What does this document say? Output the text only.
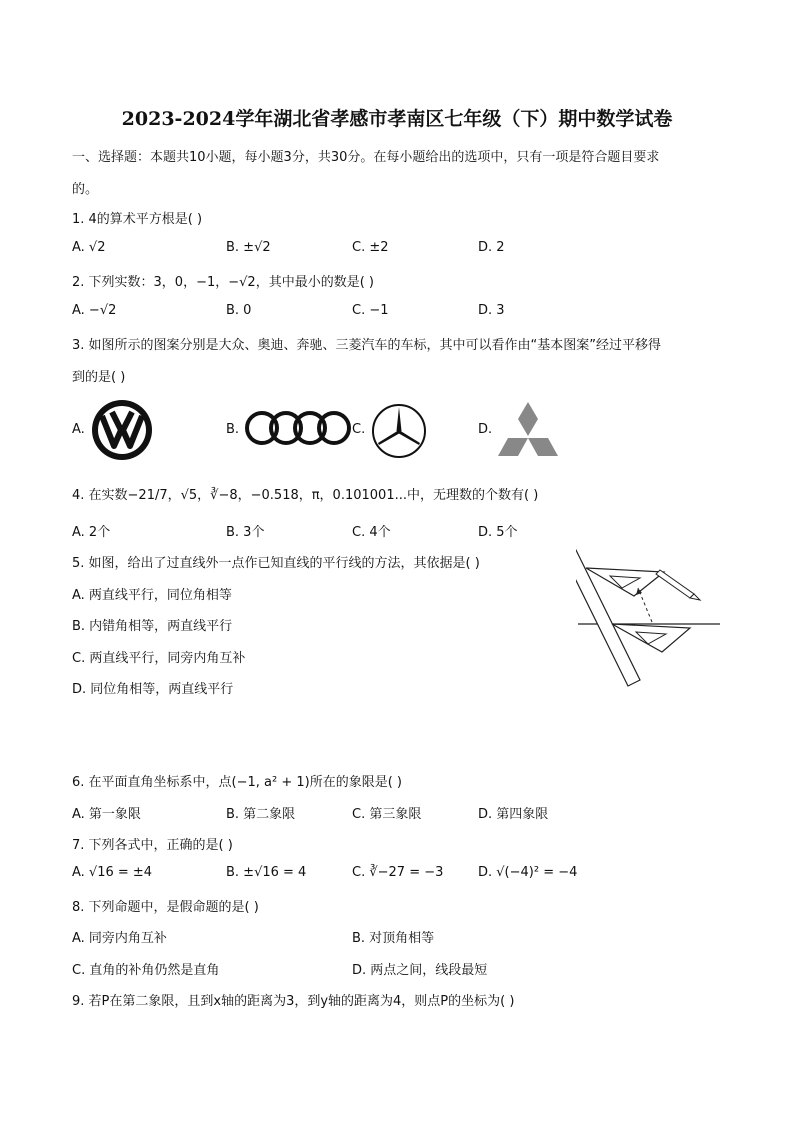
2023-2024学年湖北省孝感市孝南区七年级（下）期中数学试卷
一、选择题：本题共10小题，每小题3分，共30分。在每小题给出的选项中，只有一项是符合题目要求
的。
1. 4的算术平方根是( )
A. √2	B. ±√2	C. ±2	D. 2
2. 下列实数：3，0，−1，−√2，其中最小的数是( )
A. −√2	B. 0	C. −1	D. 3
3. 如图所示的图案分别是大众、奥迪、奔驰、三菱汽车的车标，其中可以看作由“基本图案”经过平移得
到的是( )
A.	B.	C.	D.
4. 在实数−21/7，√5，∛−8，−0.518，π，0.101001...中，无理数的个数有( )
A. 2个	B. 3个	C. 4个	D. 5个
5. 如图，给出了过直线外一点作已知直线的平行线的方法，其依据是( )
A. 两直线平行，同位角相等
B. 内错角相等，两直线平行
C. 两直线平行，同旁内角互补
D. 同位角相等，两直线平行
6. 在平面直角坐标系中，点(−1, a² + 1)所在的象限是( )
A. 第一象限	B. 第二象限	C. 第三象限	D. 第四象限
7. 下列各式中，正确的是( )
A. √16 = ±4	B. ±√16 = 4	C. ∛−27 = −3	D. √(−4)² = −4
8. 下列命题中，是假命题的是( )
A. 同旁内角互补	B. 对顶角相等
C. 直角的补角仍然是直角	D. 两点之间，线段最短
9. 若P在第二象限，且到x轴的距离为3，到y轴的距离为4，则点P的坐标为( )
